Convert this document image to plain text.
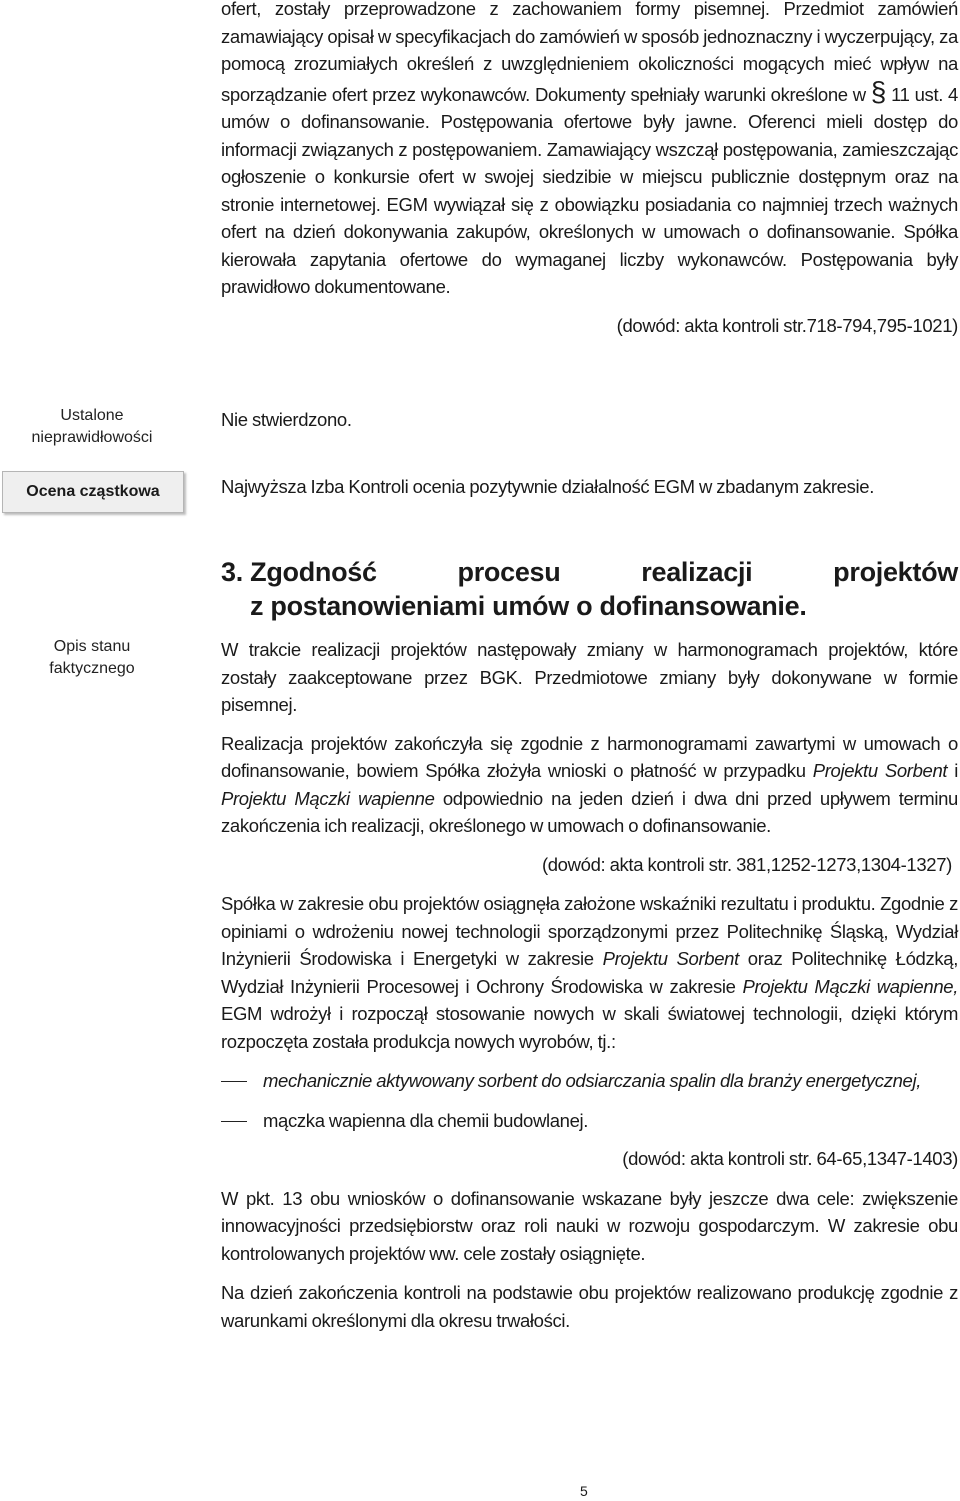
ofert, zostały przeprowadzone z zachowaniem formy pisemnej. Przedmiot zamówień zamawiający opisał w specyfikacjach do zamówień w sposób jednoznaczny i wyczerpujący, za pomocą zrozumiałych określeń z uwzględnieniem okoliczności mogących mieć wpływ na sporządzanie ofert przez wykonawców. Dokumenty spełniały warunki określone w § 11 ust. 4 umów o dofinansowanie. Postępowania ofertowe były jawne. Oferenci mieli dostęp do informacji związanych z postępowaniem. Zamawiający wszczął postępowania, zamieszczając ogłoszenie o konkursie ofert w swojej siedzibie w miejscu publicznie dostępnym oraz na stronie internetowej. EGM wywiązał się z obowiązku posiadania co najmniej trzech ważnych ofert na dzień dokonywania zakupów, określonych w umowach o dofinansowanie. Spółka kierowała zapytania ofertowe do wymaganej liczby wykonawców. Postępowania były prawidłowo dokumentowane.

(dowód: akta kontroli str.718-794,795-1021)

Ustalone nieprawidłowości

Nie stwierdzono.

Ocena cząstkowa	Najwyższa Izba Kontroli ocenia pozytywnie działalność EGM w zbadanym zakresie.

3. Zgodność	procesu	realizacji	projektów
z postanowieniami umów o dofinansowanie.
Opis stanu faktycznego

W trakcie realizacji projektów następowały zmiany w harmonogramach projektów, które zostały zaakceptowane przez BGK. Przedmiotowe zmiany były dokonywane w formie pisemnej.

Realizacja projektów zakończyła się zgodnie z harmonogramami zawartymi w umowach o dofinansowanie, bowiem Spółka złożyła wnioski o płatność w przypadku Projektu Sorbent i Projektu Mączki wapienne odpowiednio na jeden dzień i dwa dni przed upływem terminu zakończenia ich realizacji, określonego w umowach o dofinansowanie.

(dowód: akta kontroli str. 381,1252-1273,1304-1327)

Spółka w zakresie obu projektów osiągnęła założone wskaźniki rezultatu i produktu. Zgodnie z opiniami o wdrożeniu nowej technologii sporządzonymi przez Politechnikę Śląską, Wydział Inżynierii Środowiska i Energetyki w zakresie Projektu Sorbent oraz Politechnikę Łódzką, Wydział Inżynierii Procesowej i Ochrony Środowiska w zakresie Projektu Mączki wapienne, EGM wdrożył i rozpoczął stosowanie nowych w skali światowej technologii, dzięki którym rozpoczęta została produkcja nowych wyrobów, tj.:

mechanicznie aktywowany sorbent do odsiarczania spalin dla branży energetycznej,
mączka wapienna dla chemii budowlanej.

(dowód: akta kontroli str. 64-65,1347-1403)

W pkt. 13 obu wniosków o dofinansowanie wskazane były jeszcze dwa cele: zwiększenie innowacyjności przedsiębiorstw oraz roli nauki w rozwoju gospodarczym. W zakresie obu kontrolowanych projektów ww. cele zostały osiągnięte.

Na dzień zakończenia kontroli na podstawie obu projektów realizowano produkcję zgodnie z warunkami określonymi dla okresu trwałości.

5
